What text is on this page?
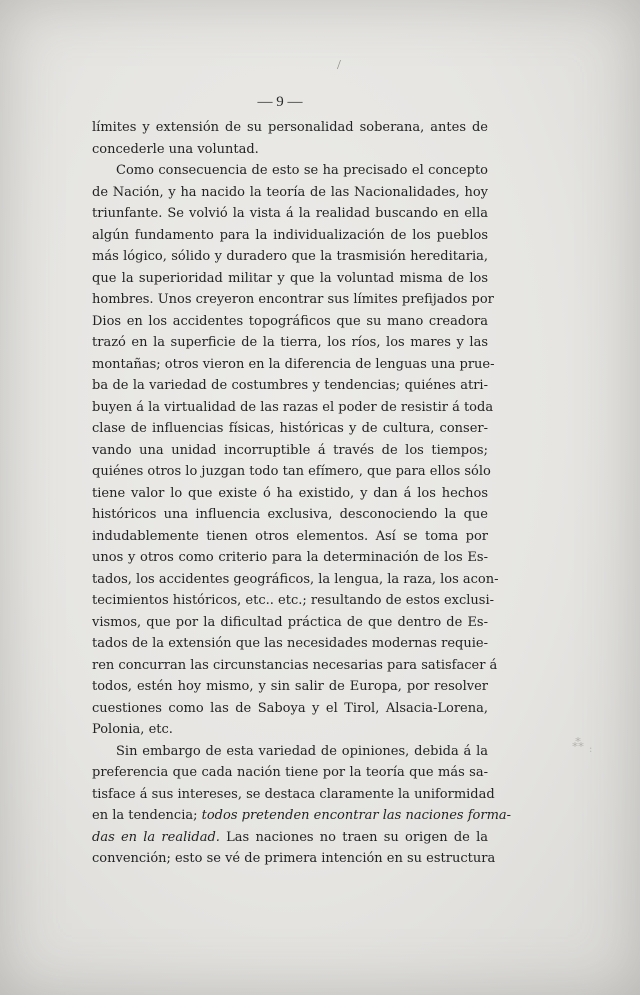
/
⁂ ꞉
— 9 —
límites y extensión de su personalidad soberana, antes de
concederle una voluntad.
Como consecuencia de esto se ha precisado el concepto
de Nación, y ha nacido la teoría de las Nacionalidades, hoy
triunfante. Se volvió la vista á la realidad buscando en ella
algún fundamento para la individualización de los pueblos
más lógico, sólido y duradero que la trasmisión hereditaria,
que la superioridad militar y que la voluntad misma de los
hombres. Unos creyeron encontrar sus límites prefijados por
Dios en los accidentes topográficos que su mano creadora
trazó en la superficie de la tierra, los ríos, los mares y las
montañas; otros vieron en la diferencia de lenguas una prue-
ba de la variedad de costumbres y tendencias; quiénes atri-
buyen á la virtualidad de las razas el poder de resistir á toda
clase de influencias físicas, históricas y de cultura, conser-
vando una unidad incorruptible á través de los tiempos;
quiénes otros lo juzgan todo tan efímero, que para ellos sólo
tiene valor lo que existe ó ha existido, y dan á los hechos
históricos una influencia exclusiva, desconociendo la que
indudablemente tienen otros elementos. Así se toma por
unos y otros como criterio para la determinación de los Es-
tados, los accidentes geográficos, la lengua, la raza, los acon-
tecimientos históricos, etc.. etc.; resultando de estos exclusi-
vismos, que por la dificultad práctica de que dentro de Es-
tados de la extensión que las necesidades modernas requie-
ren concurran las circunstancias necesarias para satisfacer á
todos, estén hoy mismo, y sin salir de Europa, por resolver
cuestiones como las de Saboya y el Tirol, Alsacia-Lorena,
Polonia, etc.
Sin embargo de esta variedad de opiniones, debida á la
preferencia que cada nación tiene por la teoría que más sa-
tisface á sus intereses, se destaca claramente la uniformidad
en la tendencia; todos pretenden encontrar las naciones forma-
das en la realidad. Las naciones no traen su origen de la
convención; esto se vé de primera intención en su estructura
